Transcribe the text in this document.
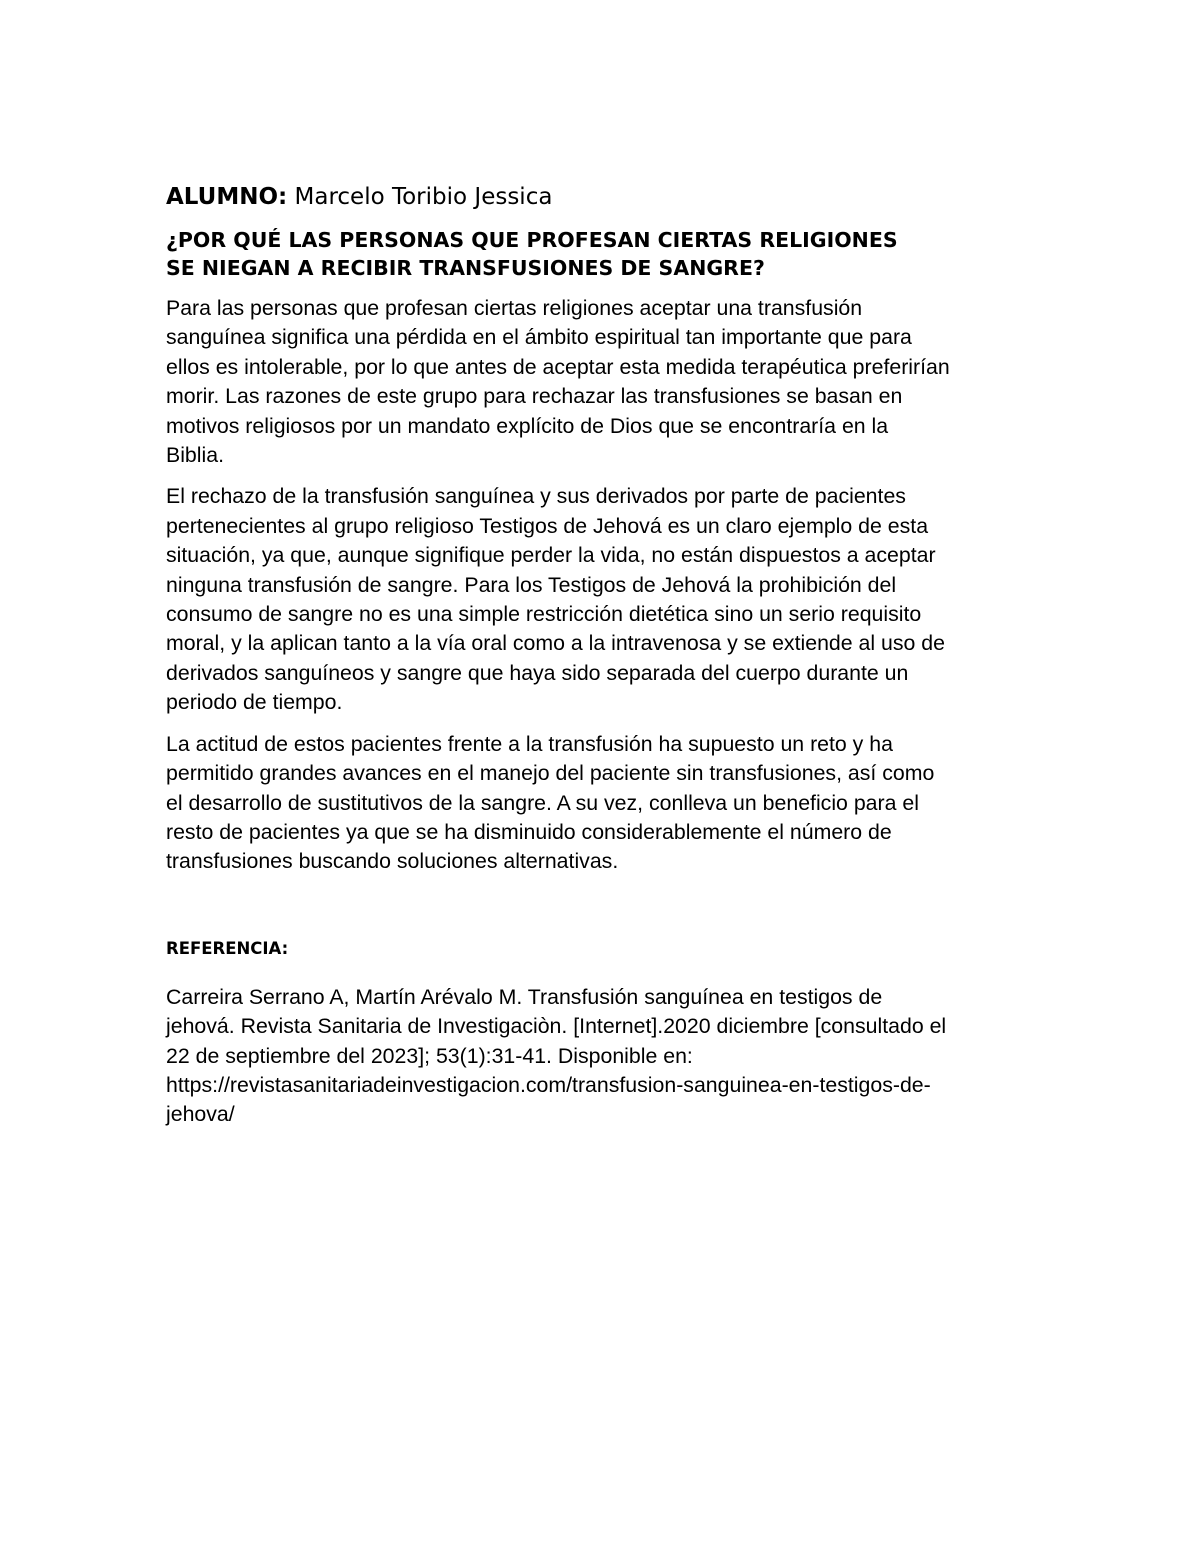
ALUMNO: Marcelo Toribio Jessica
¿POR QUÉ LAS PERSONAS QUE PROFESAN CIERTAS RELIGIONES
SE NIEGAN A RECIBIR TRANSFUSIONES DE SANGRE?
Para las personas que profesan ciertas religiones aceptar una transfusión
sanguínea significa una pérdida en el ámbito espiritual tan importante que para
ellos es intolerable, por lo que antes de aceptar esta medida terapéutica preferirían
morir. Las razones de este grupo para rechazar las transfusiones se basan en
motivos religiosos por un mandato explícito de Dios que se encontraría en la
Biblia.
El rechazo de la transfusión sanguínea y sus derivados por parte de pacientes
pertenecientes al grupo religioso Testigos de Jehová es un claro ejemplo de esta
situación, ya que, aunque signifique perder la vida, no están dispuestos a aceptar
ninguna transfusión de sangre. Para los Testigos de Jehová la prohibición del
consumo de sangre no es una simple restricción dietética sino un serio requisito
moral, y la aplican tanto a la vía oral como a la intravenosa y se extiende al uso de
derivados sanguíneos y sangre que haya sido separada del cuerpo durante un
periodo de tiempo.
La actitud de estos pacientes frente a la transfusión ha supuesto un reto y ha
permitido grandes avances en el manejo del paciente sin transfusiones, así como
el desarrollo de sustitutivos de la sangre. A su vez, conlleva un beneficio para el
resto de pacientes ya que se ha disminuido considerablemente el número de
transfusiones buscando soluciones alternativas.
REFERENCIA:
Carreira Serrano A, Martín Arévalo M. Transfusión sanguínea en testigos de
jehová. Revista Sanitaria de Investigaciòn. [Internet].2020 diciembre [consultado el
22 de septiembre del 2023]; 53(1):31-41. Disponible en:
https://revistasanitariadeinvestigacion.com/transfusion-sanguinea-en-testigos-de-
jehova/
